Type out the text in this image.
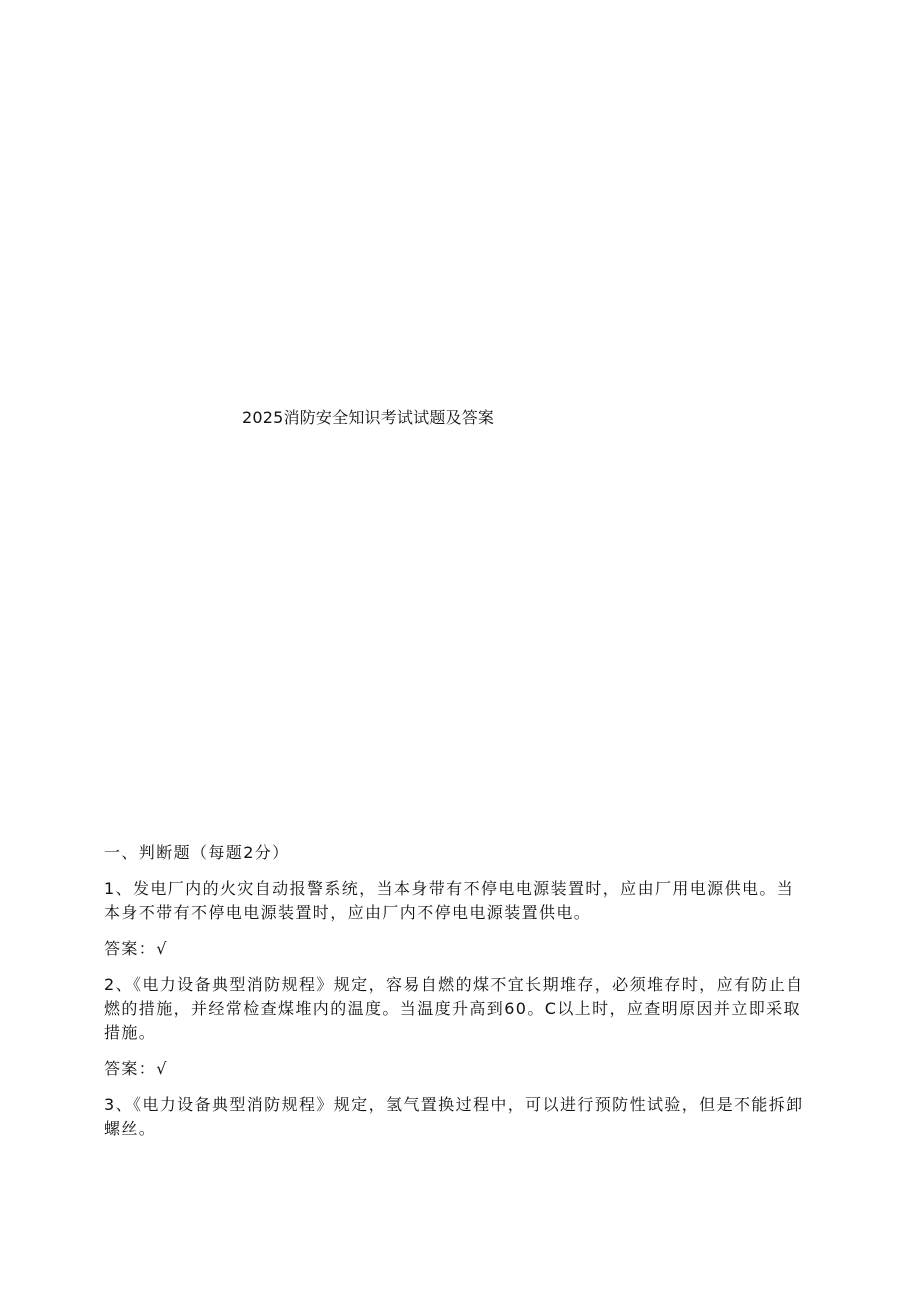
2025消防安全知识考试试题及答案

一、判断题（每题2分）

1、发电厂内的火灾自动报警系统，当本身带有不停电电源装置时，应由厂用电源供电。当本身不带有不停电电源装置时，应由厂内不停电电源装置供电。

答案：√

2、《电力设备典型消防规程》规定，容易自燃的煤不宜长期堆存，必须堆存时，应有防止自燃的措施，并经常检查煤堆内的温度。当温度升高到60。C以上时，应查明原因并立即采取措施。

答案：√

3、《电力设备典型消防规程》规定，氢气置换过程中，可以进行预防性试验，但是不能拆卸螺丝。
